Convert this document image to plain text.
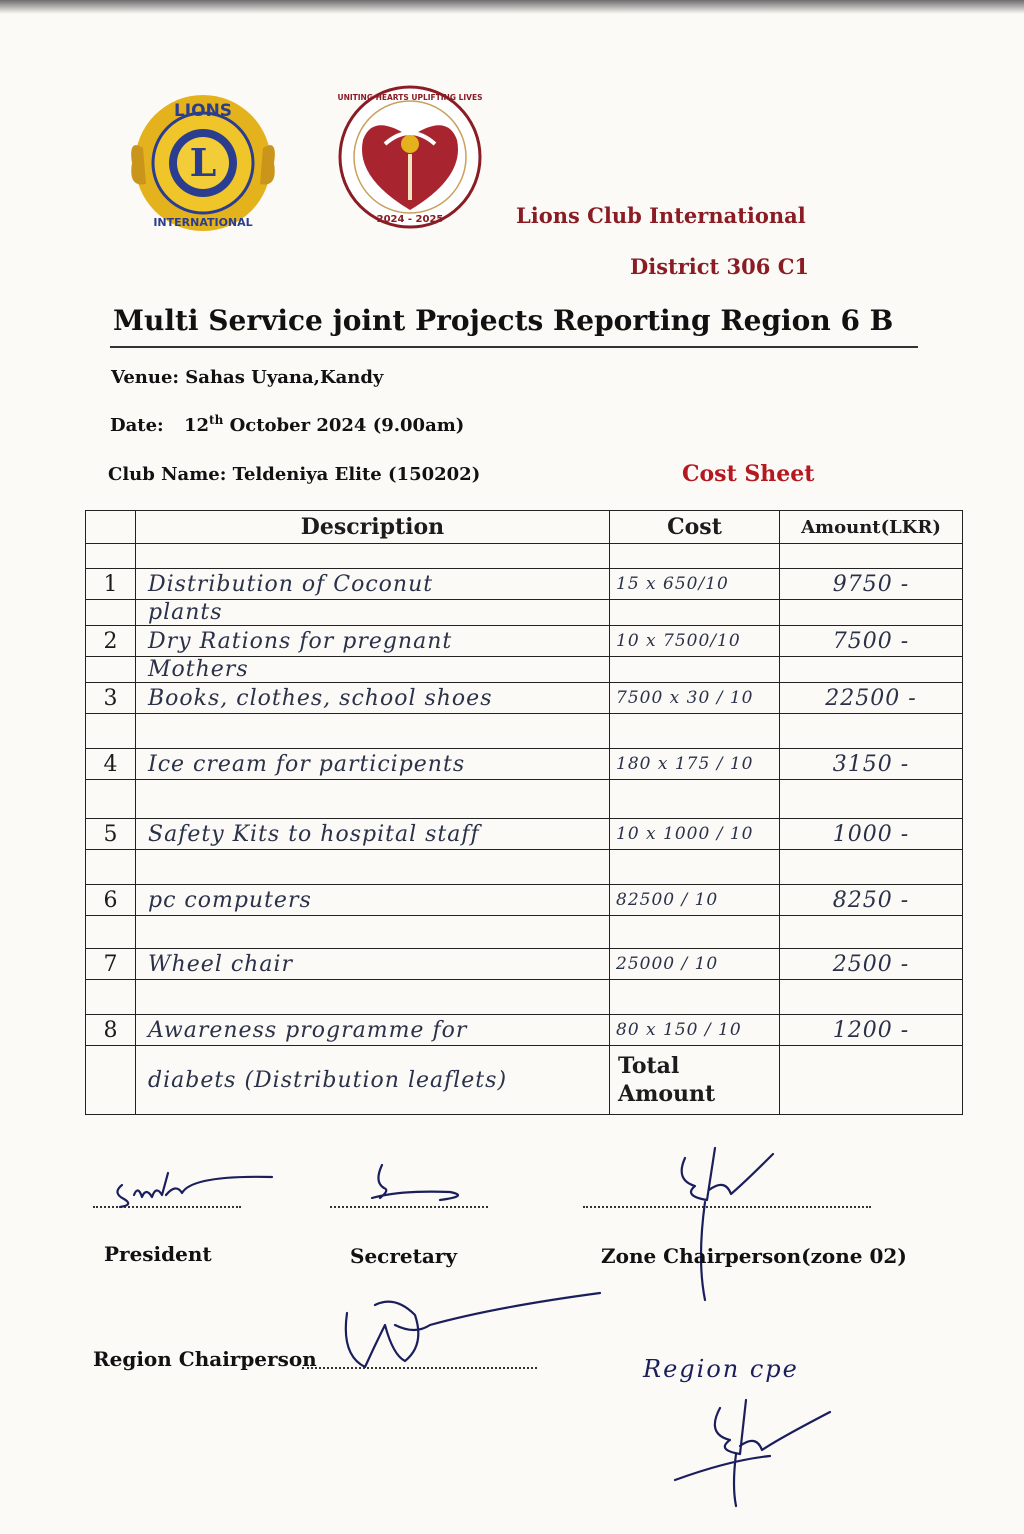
L
LIONS
INTERNATIONAL
UNITING HEARTS UPLIFTING LIVES
2024 - 2025	Lions Club International
District 306 C1
Multi Service joint Projects Reporting Region 6 B
Venue: Sahas Uyana,Kandy
Date: 12th October 2024 (9.00am)
Club Name: Teldeniya Elite (150202)	Cost Sheet
	Description	Cost	Amount(LKR)

1	Distribution of Coconut	15 x 650/10	9750 -
	plants		
2	Dry Rations for pregnant	10 x 7500/10	7500 -
	Mothers		
3	Books, clothes, school shoes	7500 x 30 / 10	22500 -

4	Ice cream for participents	180 x 175 / 10	3150 -

5	Safety Kits to hospital staff	10 x 1000 / 10	1000 -

6	pc computers	82500 / 10	8250 -

7	Wheel chair	25000 / 10	2500 -

8	Awareness programme for	80 x 150 / 10	1200 -
	diabets (Distribution leaflets)	Total Amount	
President	Secretary	Zone Chairperson(zone 02)
Region Chairperson	Region cpe
